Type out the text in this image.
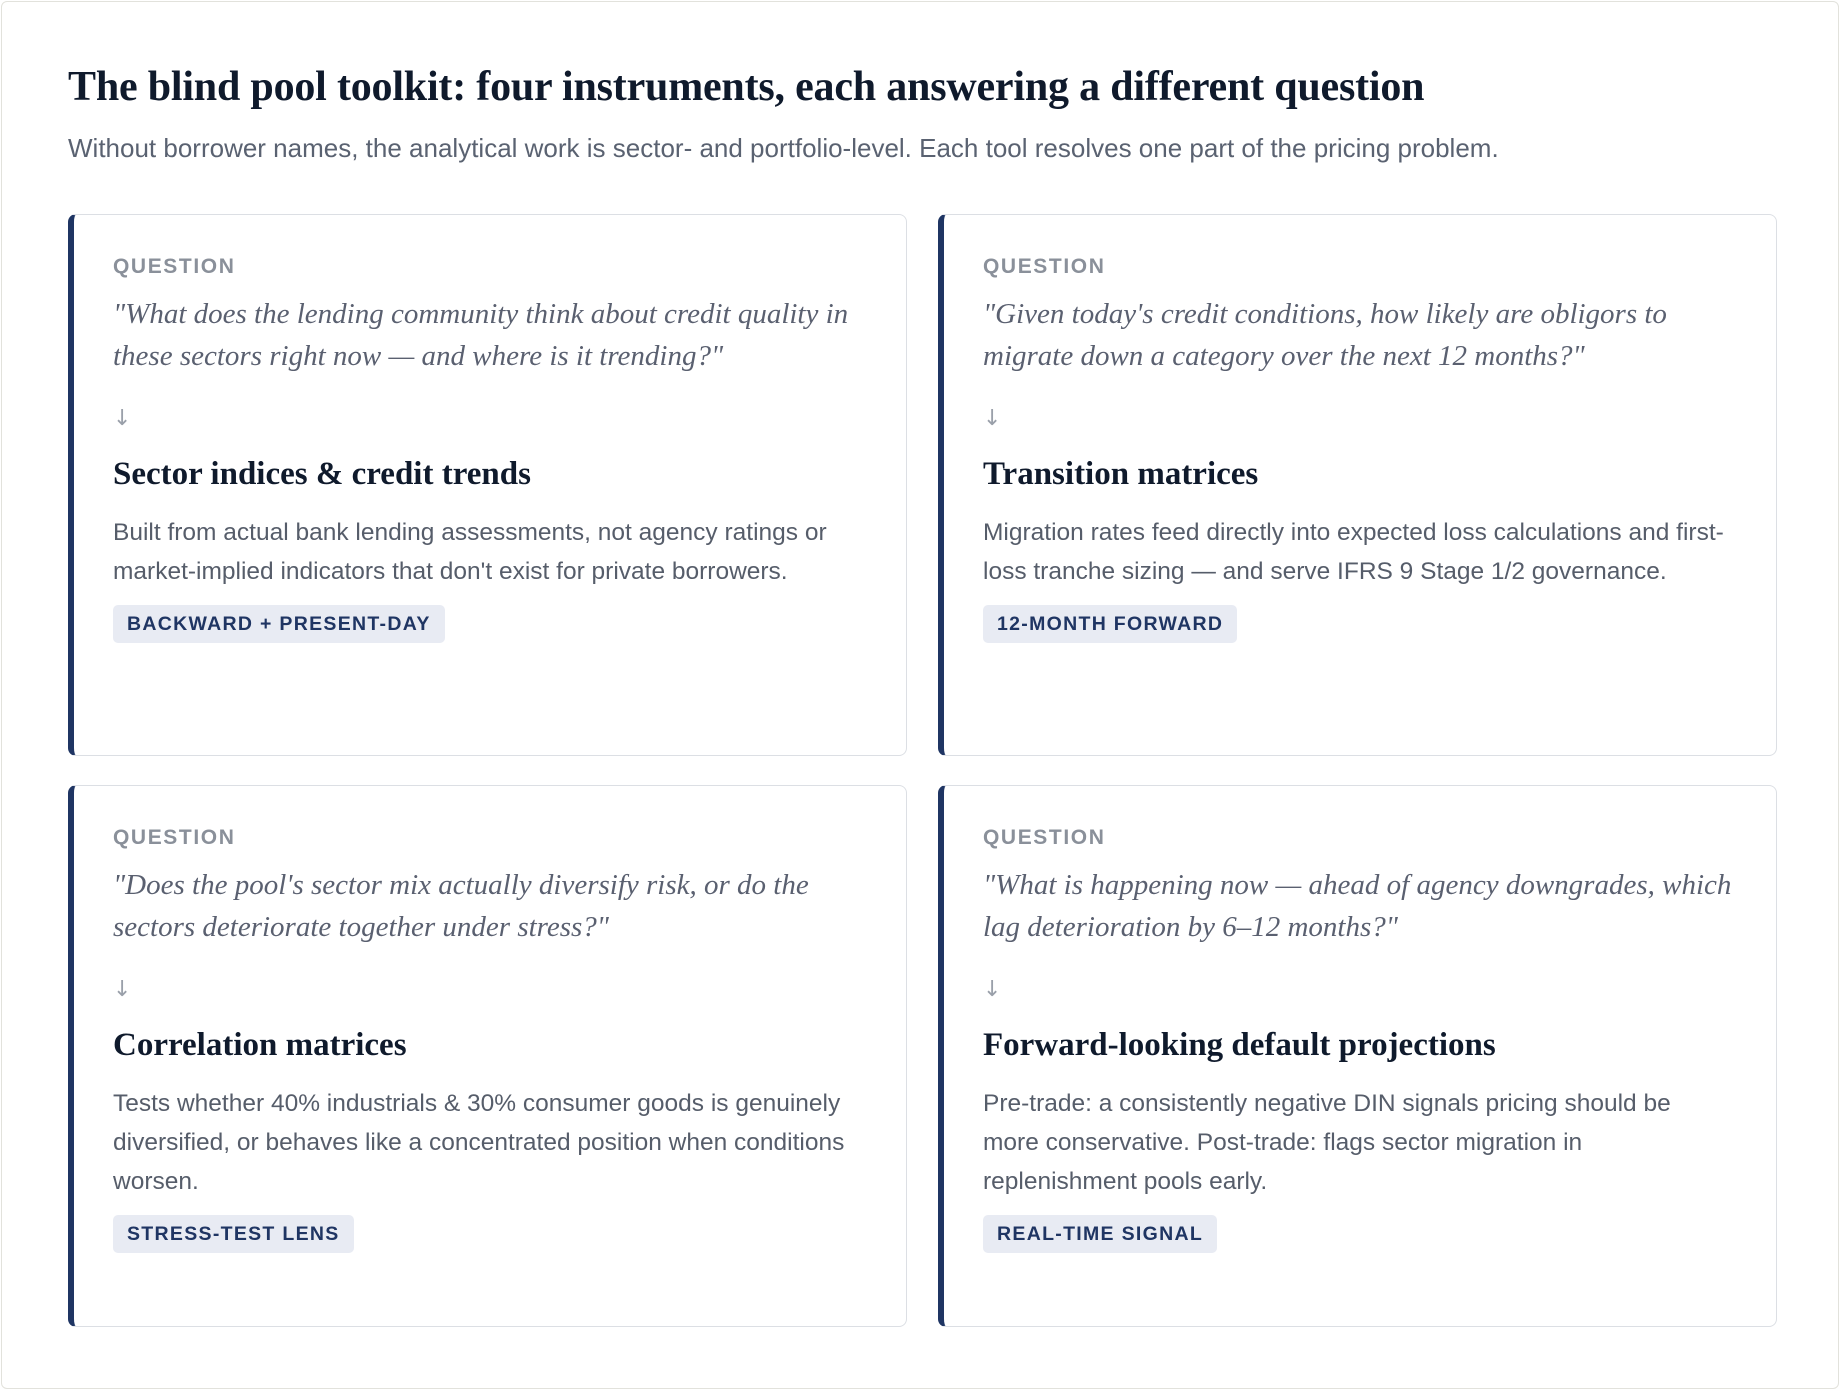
The blind pool toolkit: four instruments, each answering a different question

Without borrower names, the analytical work is sector- and portfolio-level. Each tool resolves one part of the pricing problem.

QUESTION
"What does the lending community think about credit quality in these sectors right now — and where is it trending?"
↓
Sector indices & credit trends
Built from actual bank lending assessments, not agency ratings or market-implied indicators that don't exist for private borrowers.
BACKWARD + PRESENT-DAY
QUESTION
"Given today's credit conditions, how likely are obligors to migrate down a category over the next 12 months?"
↓
Transition matrices
Migration rates feed directly into expected loss calculations and first-loss tranche sizing — and serve IFRS 9 Stage 1/2 governance.
12-MONTH FORWARD
QUESTION
"Does the pool's sector mix actually diversify risk, or do the sectors deteriorate together under stress?"
↓
Correlation matrices
Tests whether 40% industrials & 30% consumer goods is genuinely diversified, or behaves like a concentrated position when conditions worsen.
STRESS-TEST LENS
QUESTION
"What is happening now — ahead of agency downgrades, which lag deterioration by 6–12 months?"
↓
Forward-looking default projections
Pre-trade: a consistently negative DIN signals pricing should be more conservative. Post-trade: flags sector migration in replenishment pools early.
REAL-TIME SIGNAL
